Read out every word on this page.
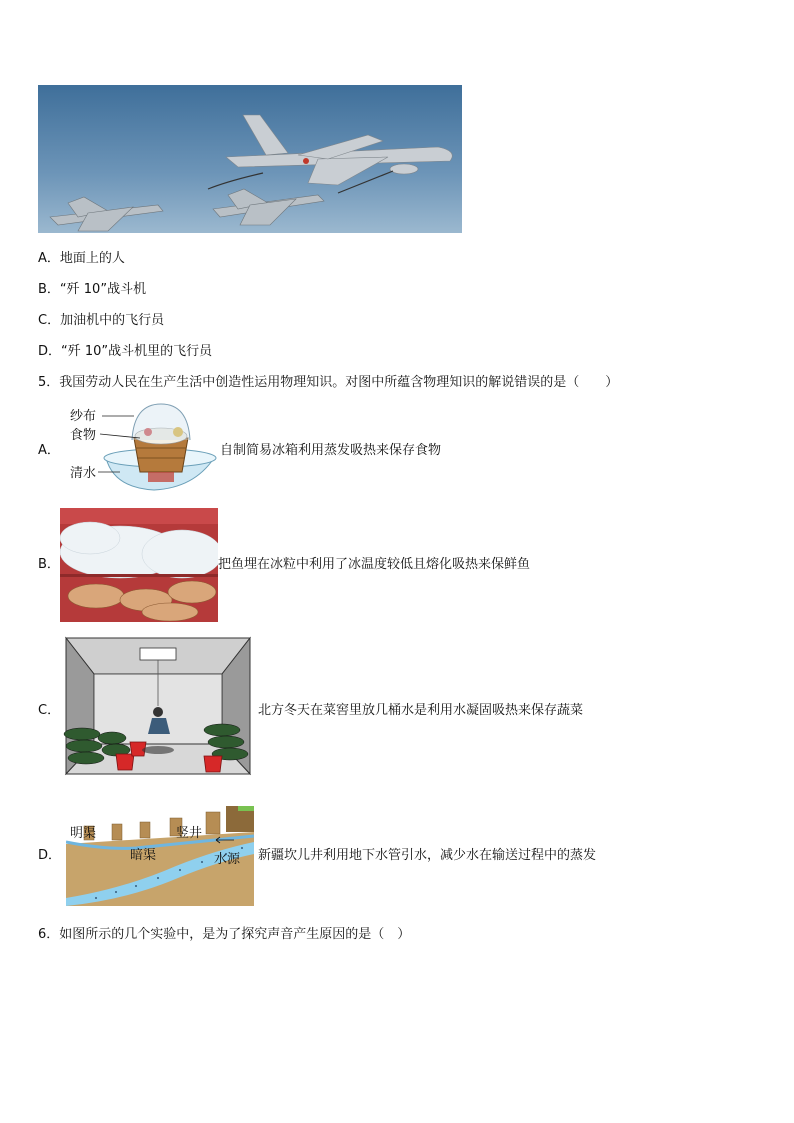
A．地面上的人
B．“歼 10”战斗机
C．加油机中的飞行员
D．“歼 10”战斗机里的飞行员
5．我国劳动人民在生产生活中创造性运用物理知识。对图中所蕴含物理知识的解说错误的是（　　）
A．
纱布
食物
清水
自制简易冰箱利用蒸发吸热来保存食物
B．	把鱼埋在冰粒中利用了冰温度较低且熔化吸热来保鲜鱼
C．	北方冬天在菜窖里放几桶水是利用水凝固吸热来保存蔬菜
D．
明渠	竖井
暗渠	水源 新疆坎儿井利用地下水管引水，减少水在输送过程中的蒸发
6．如图所示的几个实验中，是为了探究声音产生原因的是（　）
